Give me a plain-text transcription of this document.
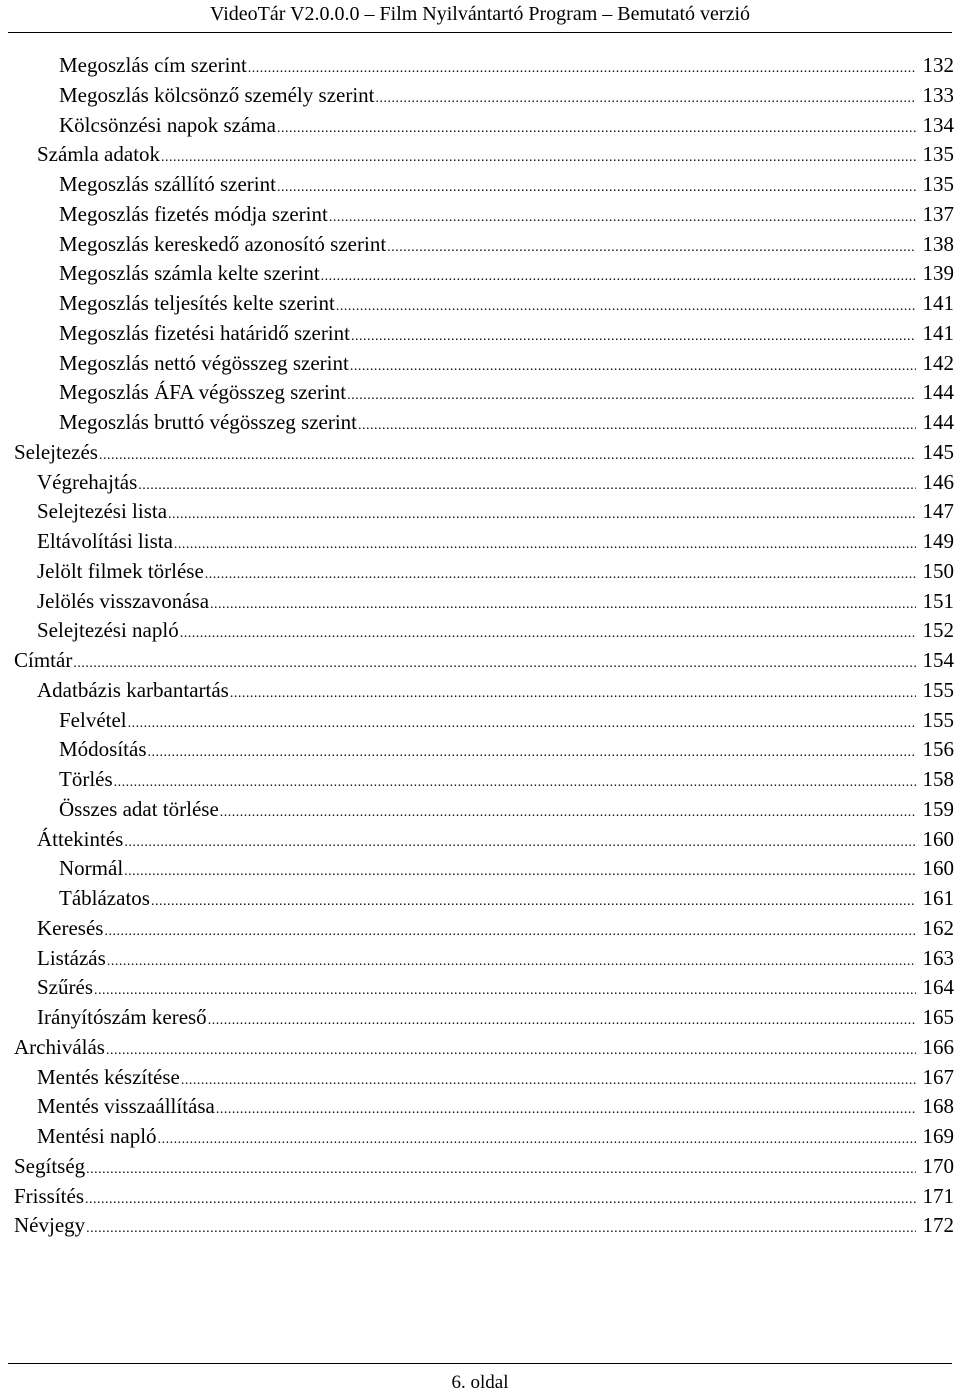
VideoTár V2.0.0.0 – Film Nyilvántartó Program – Bemutató verzió
Megoszlás cím szerint .....	132
Megoszlás kölcsönző személy szerint .....	133
Kölcsönzési napok száma .....	134
Számla adatok .....	135
Megoszlás szállító szerint .....	135
Megoszlás fizetés módja szerint .....	137
Megoszlás kereskedő azonosító szerint .....	138
Megoszlás számla kelte szerint .....	139
Megoszlás teljesítés kelte szerint .....	141
Megoszlás fizetési határidő szerint .....	141
Megoszlás nettó végösszeg szerint .....	142
Megoszlás ÁFA végösszeg szerint .....	144
Megoszlás bruttó végösszeg szerint .....	144
Selejtezés .....	145
Végrehajtás .....	146
Selejtezési lista .....	147
Eltávolítási lista .....	149
Jelölt filmek törlése .....	150
Jelölés visszavonása .....	151
Selejtezési napló .....	152
Címtár .....	154
Adatbázis karbantartás .....	155
Felvétel .....	155
Módosítás .....	156
Törlés .....	158
Összes adat törlése .....	159
Áttekintés .....	160
Normál .....	160
Táblázatos .....	161
Keresés .....	162
Listázás .....	163
Szűrés .....	164
Irányítószám kereső .....	165
Archiválás .....	166
Mentés készítése .....	167
Mentés visszaállítása .....	168
Mentési napló .....	169
Segítség .....	170
Frissítés .....	171
Névjegy .....	172
6. oldal
